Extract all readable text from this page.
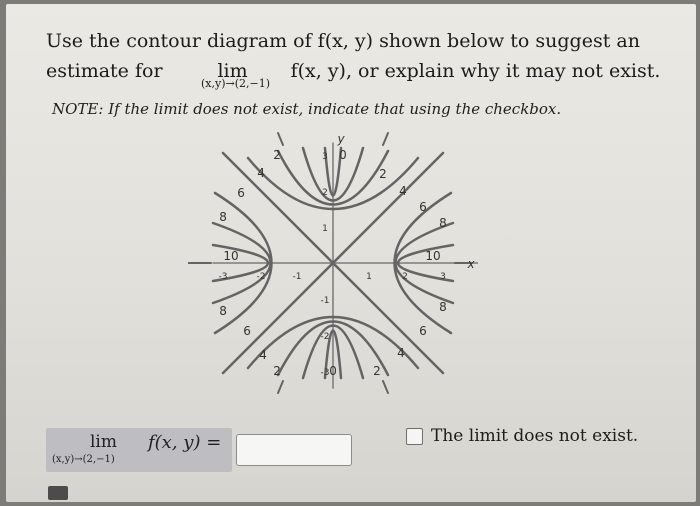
Use the contour diagram of f(x, y) shown below to suggest an
estimate for	lim
(x,y)→(2,−1)
f(x, y), or explain why it may not exist.
NOTE: If the limit does not exist, indicate that using the checkbox.
y
x
-3	-2	-1	1	2	3
3
2
1
-1
-2
-3
0
2
2
4
4
6
6
8	8
10	10
8	8
6	6
4	4
2	2
0
lim
(x,y)→(2,−1)
f(x, y) =	The limit does not exist.
